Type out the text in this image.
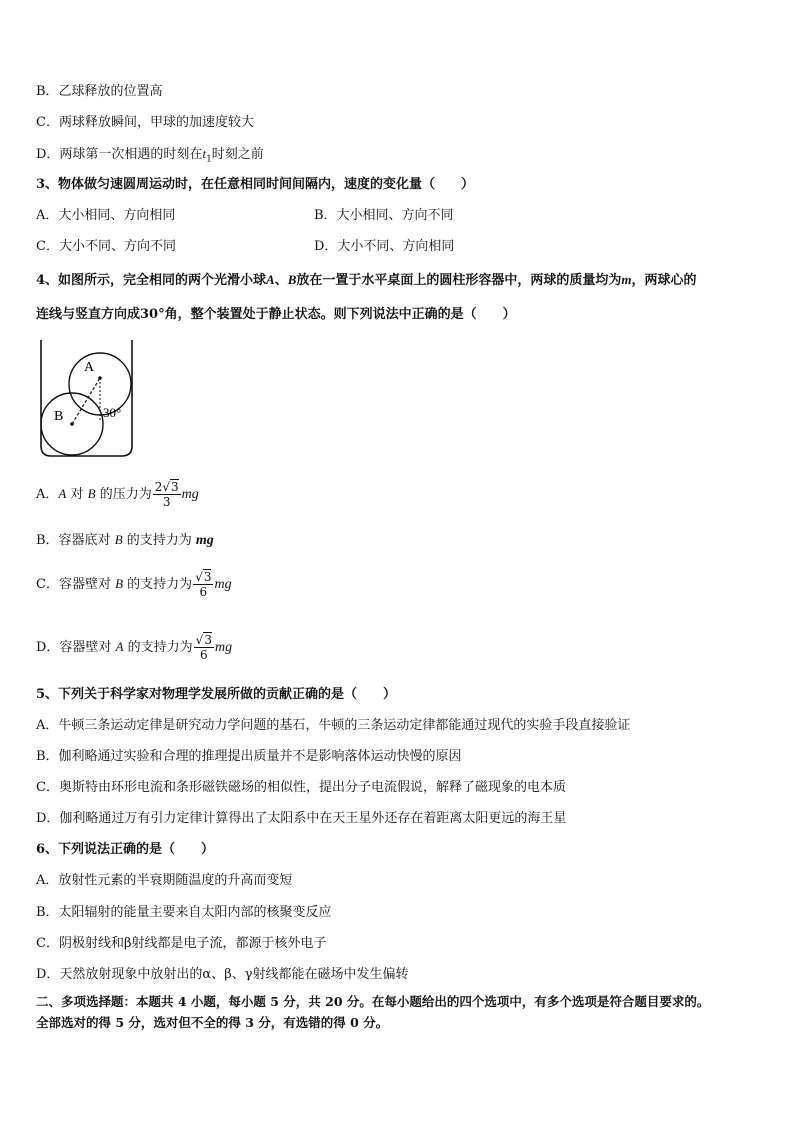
B．乙球释放的位置高
C．两球释放瞬间，甲球的加速度较大
D．两球第一次相遇的时刻在$t_1$时刻之前
3、物体做匀速圆周运动时，在任意相同时间间隔内，速度的变化量（　　）
A．大小相同、方向相同	B．大小相同、方向不同
C．大小不同、方向不同	D．大小不同、方向相同
4、如图所示，完全相同的两个光滑小球A、B放在一置于水平桌面上的圆柱形容器中，两球的质量均为m，两球心的
连线与竖直方向成30°角，整个装置处于静止状态。则下列说法中正确的是（　　）
A
B	30°
A．A 对 B 的压力为 $\frac{2√3}{3}$ mg
B．容器底对 B 的支持力为 mg
C．容器壁对 B 的支持力为 $\frac{√3}{6}$ mg
D．容器壁对 A 的支持力为 $\frac{√3}{6}$ mg
5、下列关于科学家对物理学发展所做的贡献正确的是（　　）
A．牛顿三条运动定律是研究动力学问题的基石，牛顿的三条运动定律都能通过现代的实验手段直接验证
B．伽利略通过实验和合理的推理提出质量并不是影响落体运动快慢的原因
C．奥斯特由环形电流和条形磁铁磁场的相似性，提出分子电流假说，解释了磁现象的电本质
D．伽利略通过万有引力定律计算得出了太阳系中在天王星外还存在着距离太阳更远的海王星
6、下列说法正确的是（　　）
A．放射性元素的半衰期随温度的升高而变短
B．太阳辐射的能量主要来自太阳内部的核聚变反应
C．阴极射线和β射线都是电子流，都源于核外电子
D．天然放射现象中放射出的α、β、γ射线都能在磁场中发生偏转
二、多项选择题：本题共 4 小题，每小题 5 分，共 20 分。在每小题给出的四个选项中，有多个选项是符合题目要求的。
全部选对的得 5 分，选对但不全的得 3 分，有选错的得 0 分。
